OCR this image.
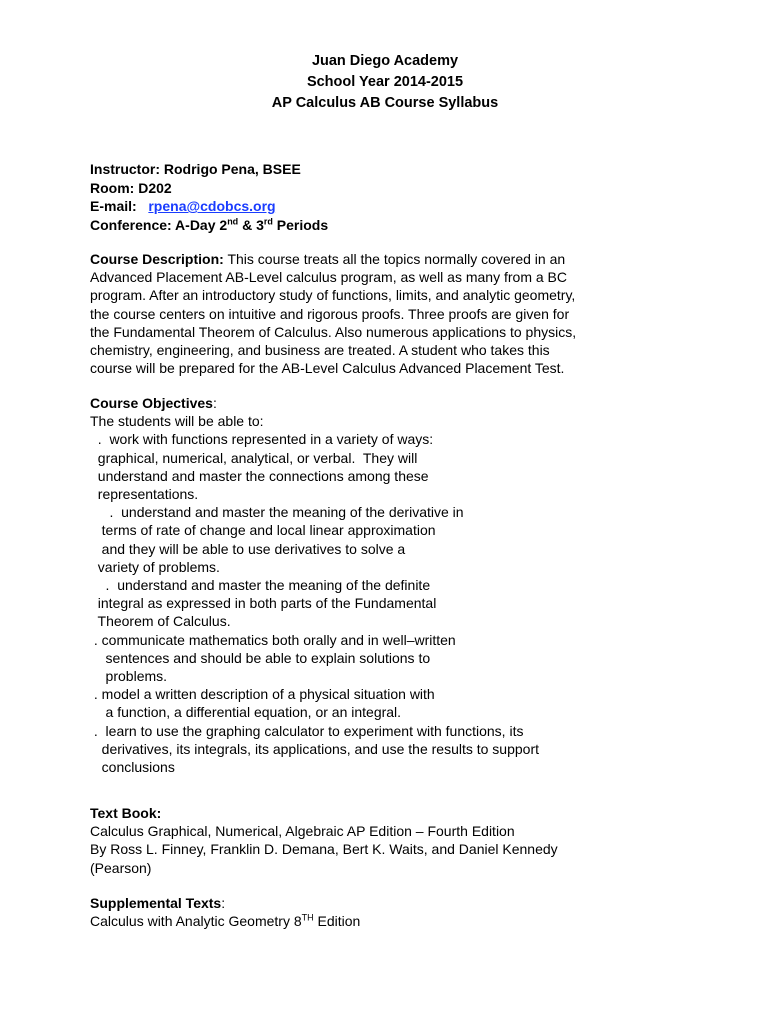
Juan Diego Academy
School Year 2014-2015
AP Calculus AB Course Syllabus
Instructor: Rodrigo Pena, BSEE
Room: D202
E-mail: rpena@cdobcs.org
Conference: A-Day 2nd & 3rd Periods
Course Description: This course treats all the topics normally covered in an
Advanced Placement AB-Level calculus program, as well as many from a BC
program. After an introductory study of functions, limits, and analytic geometry,
the course centers on intuitive and rigorous proofs. Three proofs are given for
the Fundamental Theorem of Calculus. Also numerous applications to physics,
chemistry, engineering, and business are treated. A student who takes this
course will be prepared for the AB-Level Calculus Advanced Placement Test.
Course Objectives:
The students will be able to:
.  work with functions represented in a variety of ways:
graphical, numerical, analytical, or verbal.  They will
understand and master the connections among these
representations.
.  understand and master the meaning of the derivative in
terms of rate of change and local linear approximation
and they will be able to use derivatives to solve a
variety of problems.
.  understand and master the meaning of the definite
integral as expressed in both parts of the Fundamental
Theorem of Calculus.
. communicate mathematics both orally and in well–written
sentences and should be able to explain solutions to
problems.
. model a written description of a physical situation with
a function, a differential equation, or an integral.
.  learn to use the graphing calculator to experiment with functions, its
derivatives, its integrals, its applications, and use the results to support
conclusions
Text Book:
Calculus Graphical, Numerical, Algebraic AP Edition – Fourth Edition
By Ross L. Finney, Franklin D. Demana, Bert K. Waits, and Daniel Kennedy
(Pearson)
Supplemental Texts:
Calculus with Analytic Geometry 8TH Edition
